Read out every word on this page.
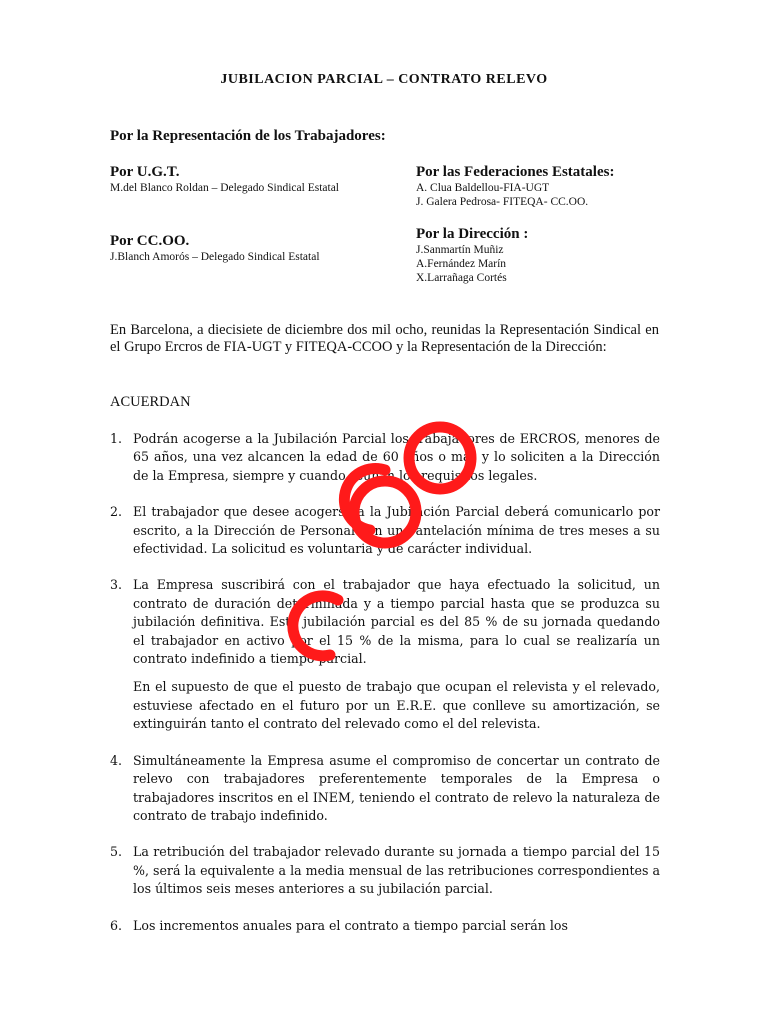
JUBILACION PARCIAL – CONTRATO RELEVO
Por la Representación de los Trabajadores:
Por U.G.T.
M.del Blanco Roldan – Delegado Sindical Estatal
Por CC.OO.
J.Blanch Amorós – Delegado Sindical Estatal
Por las Federaciones Estatales:
A. Clua Baldellou-FIA-UGT
J. Galera Pedrosa- FITEQA- CC.OO.
Por la Dirección :
J.Sanmartín Muñiz
A.Fernández Marín
X.Larrañaga Cortés
En Barcelona, a diecisiete de diciembre dos mil ocho, reunidas la Representación Sindical en el Grupo Ercros de FIA-UGT y FITEQA-CCOO y la Representación de la Dirección:
ACUERDAN
1. Podrán acogerse a la Jubilación Parcial los trabajadores de ERCROS, menores de 65 años, una vez alcancen la edad de 60 años o más y lo soliciten a la Dirección de la Empresa, siempre y cuando reúnan los requisitos legales.

2. El trabajador que desee acogerse a la Jubilación Parcial deberá comunicarlo por escrito, a la Dirección de Personal con una antelación mínima de tres meses a su efectividad. La solicitud es voluntaria y de carácter individual.

3. La Empresa suscribirá con el trabajador que haya efectuado la solicitud, un contrato de duración determinada y a tiempo parcial hasta que se produzca su jubilación definitiva. Esta jubilación parcial es del 85 % de su jornada quedando el trabajador en activo por el 15 % de la misma, para lo cual se realizaría un contrato indefinido a tiempo parcial.

En el supuesto de que el puesto de trabajo que ocupan el relevista y el relevado, estuviese afectado en el futuro por un E.R.E. que conlleve su amortización, se extinguirán tanto el contrato del relevado como el del relevista.

4. Simultáneamente la Empresa asume el compromiso de concertar un contrato de relevo con trabajadores preferentemente temporales de la Empresa o trabajadores inscritos en el INEM, teniendo el contrato de relevo la naturaleza de contrato de trabajo indefinido.

5. La retribución del trabajador relevado durante su jornada a tiempo parcial del 15 %, será la equivalente a la media mensual de las retribuciones correspondientes a los últimos seis meses anteriores a su jubilación parcial.

6. Los incrementos anuales para el contrato a tiempo parcial serán los
